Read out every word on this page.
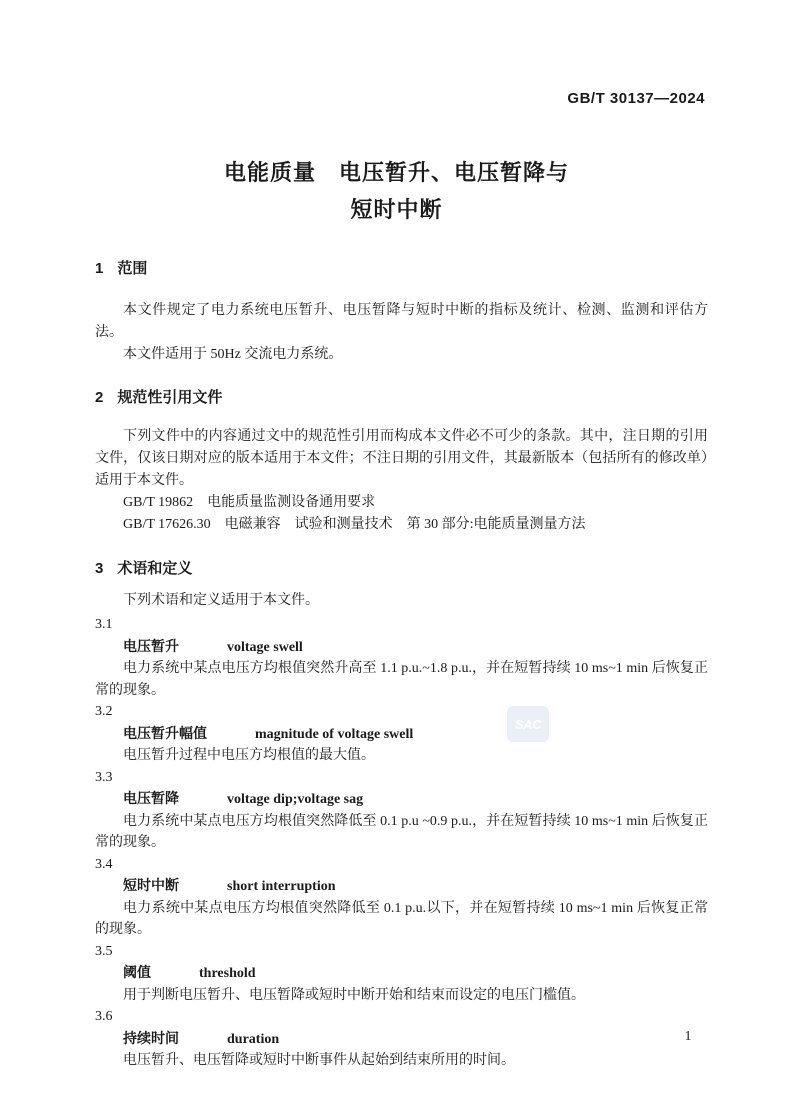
GB/T 30137—2024
电能质量　电压暂升、电压暂降与
短时中断
SAC
1 范围

本文件规定了电力系统电压暂升、电压暂降与短时中断的指标及统计、检测、监测和评估方法。

本文件适用于 50Hz 交流电力系统。

2 规范性引用文件

下列文件中的内容通过文中的规范性引用而构成本文件必不可少的条款。其中，注日期的引用文件，仅该日期对应的版本适用于本文件；不注日期的引用文件，其最新版本（包括所有的修改单）适用于本文件。

GB/T 19862　电能质量监测设备通用要求

GB/T 17626.30　电磁兼容　试验和测量技术　第 30 部分:电能质量测量方法

3 术语和定义

下列术语和定义适用于本文件。

3.1
电压暂升	voltage swell

电力系统中某点电压方均根值突然升高至 1.1 p.u.~1.8 p.u.，并在短暂持续 10 ms~1 min 后恢复正常的现象。

3.2
电压暂升幅值	magnitude of voltage swell

电压暂升过程中电压方均根值的最大值。

3.3
电压暂降	voltage dip;voltage sag

电力系统中某点电压方均根值突然降低至 0.1 p.u ~0.9 p.u.，并在短暂持续 10 ms~1 min 后恢复正常的现象。

3.4
短时中断	short interruption

电力系统中某点电压方均根值突然降低至 0.1 p.u.以下，并在短暂持续 10 ms~1 min 后恢复正常的现象。

3.5
阈值	threshold

用于判断电压暂升、电压暂降或短时中断开始和结束而设定的电压门槛值。

3.6
持续时间	duration

电压暂升、电压暂降或短时中断事件从起始到结束所用的时间。

1
